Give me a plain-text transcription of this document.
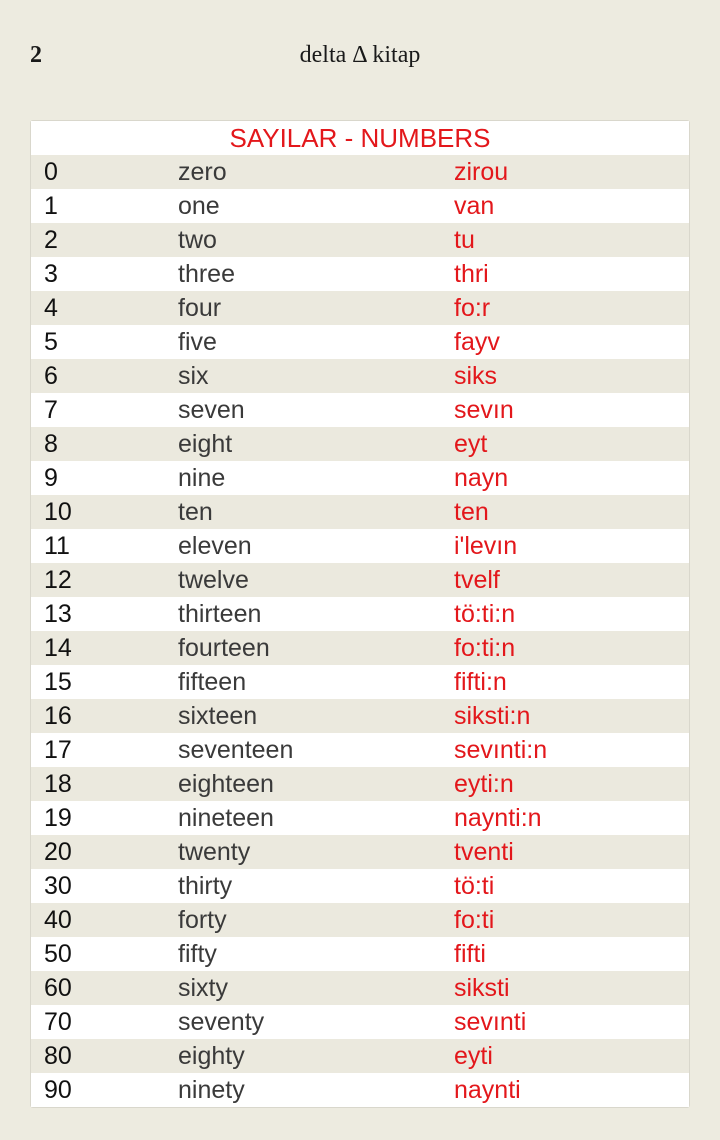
2	delta Δ kitap
SAYILAR - NUMBERS
0	zero	zirou
1	one	van
2	two	tu
3	three	thri
4	four	fo:r
5	five	fayv
6	six	siks
7	seven	sevın
8	eight	eyt
9	nine	nayn
10	ten	ten
11	eleven	i'levın
12	twelve	tvelf
13	thirteen	tö:ti:n
14	fourteen	fo:ti:n
15	fifteen	fifti:n
16	sixteen	siksti:n
17	seventeen	sevınti:n
18	eighteen	eyti:n
19	nineteen	naynti:n
20	twenty	tventi
30	thirty	tö:ti
40	forty	fo:ti
50	fifty	fifti
60	sixty	siksti
70	seventy	sevınti
80	eighty	eyti
90	ninety	naynti
